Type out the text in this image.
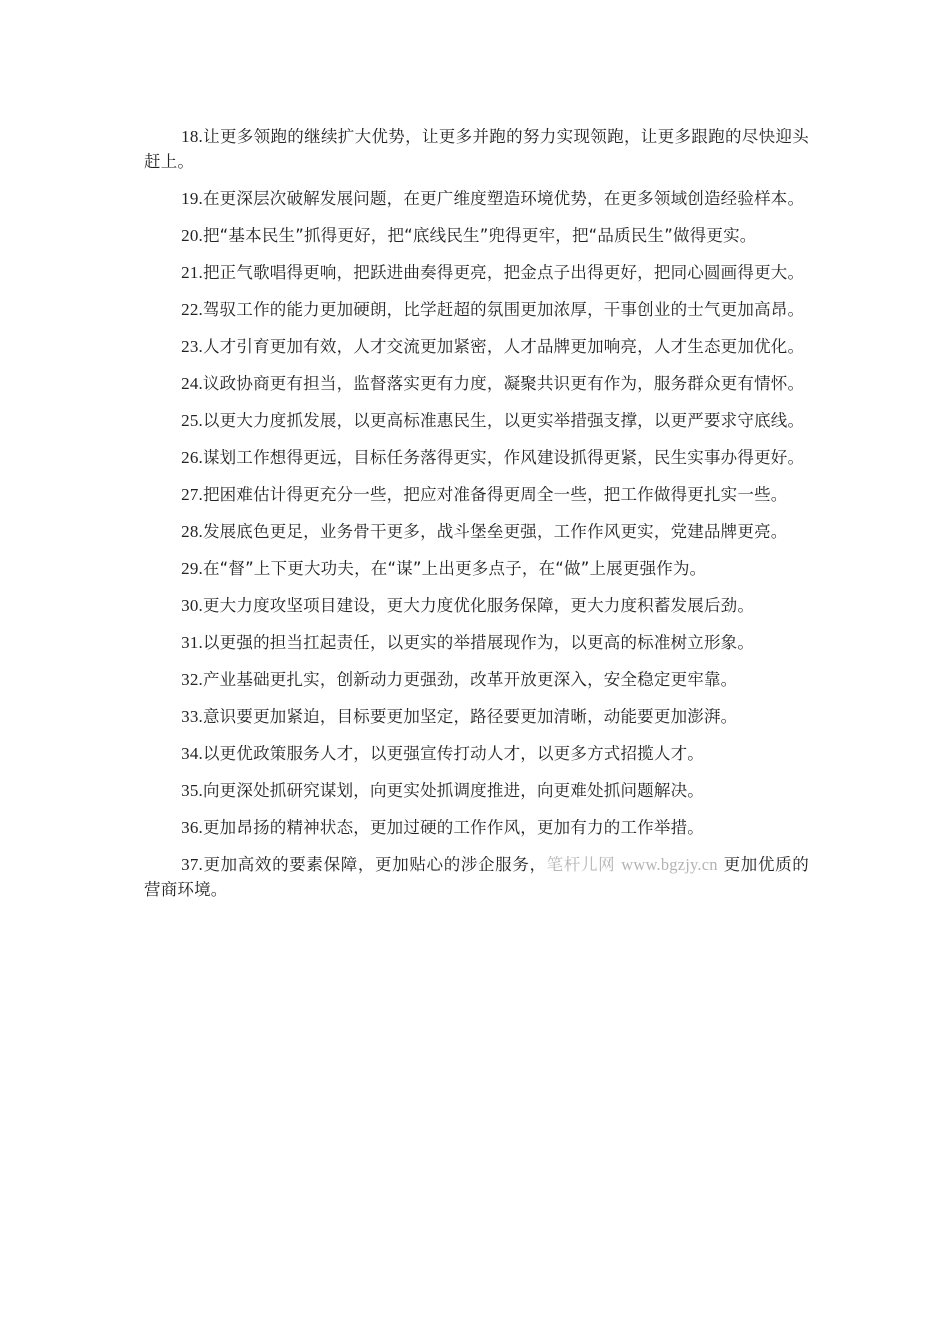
18.让更多领跑的继续扩大优势，让更多并跑的努力实现领跑，让更多跟跑的尽快迎头赶上。

19.在更深层次破解发展问题，在更广维度塑造环境优势，在更多领域创造经验样本。

20.把“基本民生”抓得更好，把“底线民生”兜得更牢，把“品质民生”做得更实。

21.把正气歌唱得更响，把跃进曲奏得更亮，把金点子出得更好，把同心圆画得更大。

22.驾驭工作的能力更加硬朗，比学赶超的氛围更加浓厚，干事创业的士气更加高昂。

23.人才引育更加有效，人才交流更加紧密，人才品牌更加响亮，人才生态更加优化。

24.议政协商更有担当，监督落实更有力度，凝聚共识更有作为，服务群众更有情怀。

25.以更大力度抓发展，以更高标准惠民生，以更实举措强支撑，以更严要求守底线。

26.谋划工作想得更远，目标任务落得更实，作风建设抓得更紧，民生实事办得更好。

27.把困难估计得更充分一些，把应对准备得更周全一些，把工作做得更扎实一些。

28.发展底色更足，业务骨干更多，战斗堡垒更强，工作作风更实，党建品牌更亮。

29.在“督”上下更大功夫，在“谋”上出更多点子，在“做”上展更强作为。

30.更大力度攻坚项目建设，更大力度优化服务保障，更大力度积蓄发展后劲。

31.以更强的担当扛起责任，以更实的举措展现作为，以更高的标准树立形象。

32.产业基础更扎实，创新动力更强劲，改革开放更深入，安全稳定更牢靠。

33.意识要更加紧迫，目标要更加坚定，路径要更加清晰，动能要更加澎湃。

34.以更优政策服务人才，以更强宣传打动人才，以更多方式招揽人才。

35.向更深处抓研究谋划，向更实处抓调度推进，向更难处抓问题解决。

36.更加昂扬的精神状态，更加过硬的工作作风，更加有力的工作举措。

37.更加高效的要素保障，更加贴心的涉企服务，笔杆儿网 www.bgzjy.cn 更加优质的营商环境。
